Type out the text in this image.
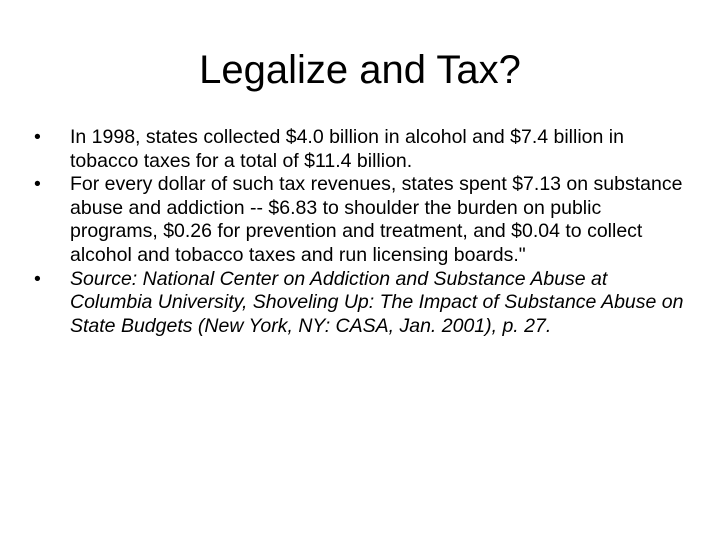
Legalize and Tax?
•	In 1998, states collected $4.0 billion in alcohol and $7.4 billion in tobacco taxes for a total of $11.4 billion.
•	For every dollar of such tax revenues, states spent $7.13 on substance abuse and addiction -- $6.83 to shoulder the burden on public programs, $0.26 for prevention and treatment, and $0.04 to collect alcohol and tobacco taxes and run licensing boards."
•	Source: National Center on Addiction and Substance Abuse at Columbia University, Shoveling Up: The Impact of Substance Abuse on State Budgets (New York, NY: CASA, Jan. 2001), p. 27.
